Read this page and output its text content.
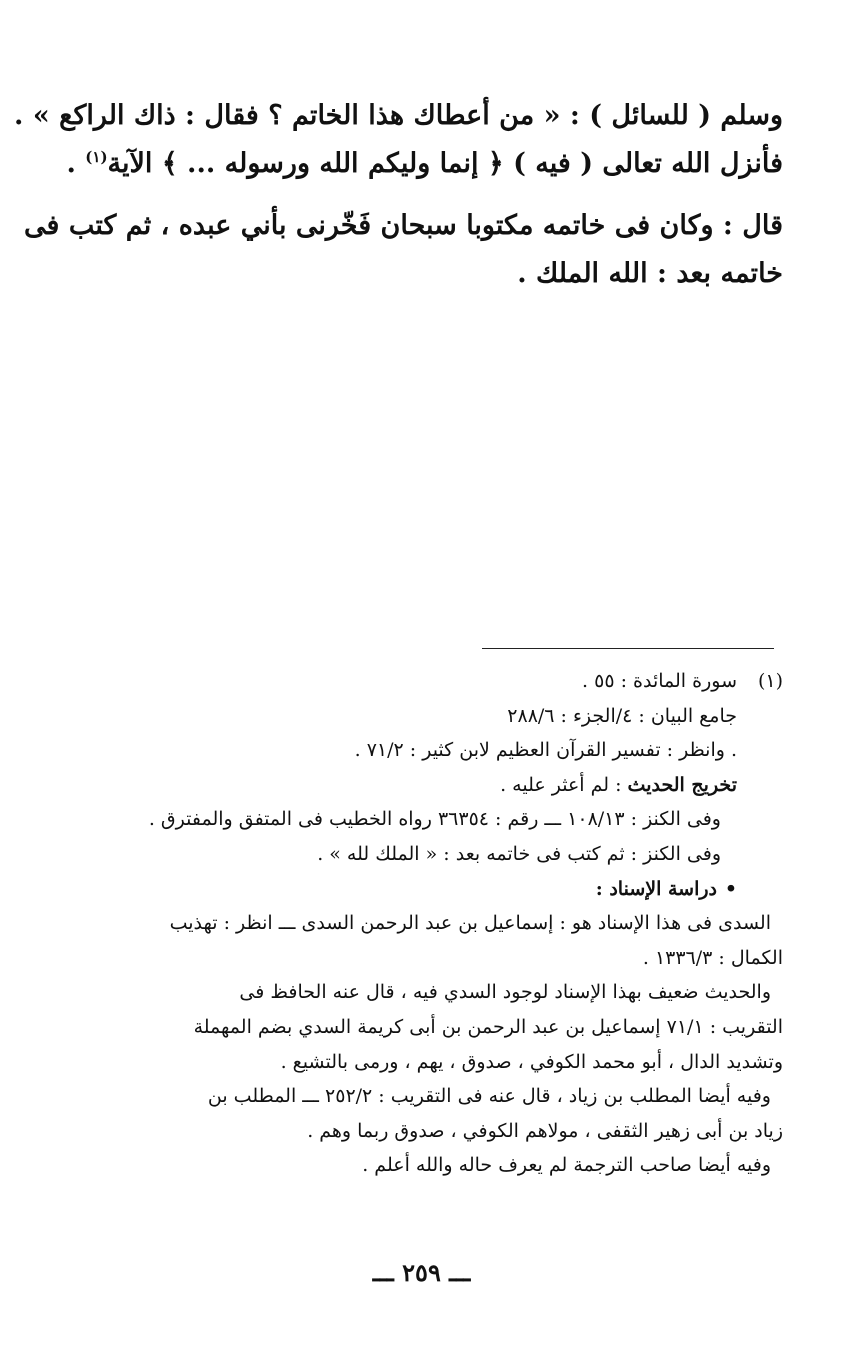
وسلم ( للسائل ) : « من أعطاك هذا الخاتم ؟ فقال : ذاك الراكع » .

فأنزل الله تعالى ( فيه ) ﴿ إنما وليكم الله ورسوله ... ﴾ الآية$^{(١)}$ .

قال : وكان فى خاتمه مكتوبا سبحان فَخّرنى بأني عبده ، ثم كتب فى

خاتمه بعد : الله الملك .

(١)سورة المائدة : ٥٥ .

جامع البيان : ٤/الجزء : ٢٨٨/٦

. وانظر : تفسير القرآن العظيم لابن كثير : ٧١/٢ .

تخريج الحديث : لم أعثر عليه .

وفى الكنز : ١٠٨/١٣ ـــ رقم : ٣٦٣٥٤ رواه الخطيب فى المتفق والمفترق .

وفى الكنز : ثم كتب فى خاتمه بعد : « الملك لله » .

•دراسة الإسناد :

السدى فى هذا الإسناد هو : إسماعيل بن عبد الرحمن السدى ـــ انظر : تهذيب

الكمال : ١٣٣٦/٣ .

والحديث ضعيف بهذا الإسناد لوجود السدي فيه ، قال عنه الحافظ فى

التقريب : ٧١/١ إسماعيل بن عبد الرحمن بن أبى كريمة السدي بضم المهملة

وتشديد الدال ، أبو محمد الكوفي ، صدوق ، يهم ، ورمى بالتشيع .

وفيه أيضا المطلب بن زياد ، قال عنه فى التقريب : ٢٥٢/٢ ـــ المطلب بن

زياد بن أبى زهير الثقفى ، مولاهم الكوفي ، صدوق ربما وهم .

وفيه أيضا صاحب الترجمة لم يعرف حاله والله أعلم .

ـــ ٢٥٩ ـــ
